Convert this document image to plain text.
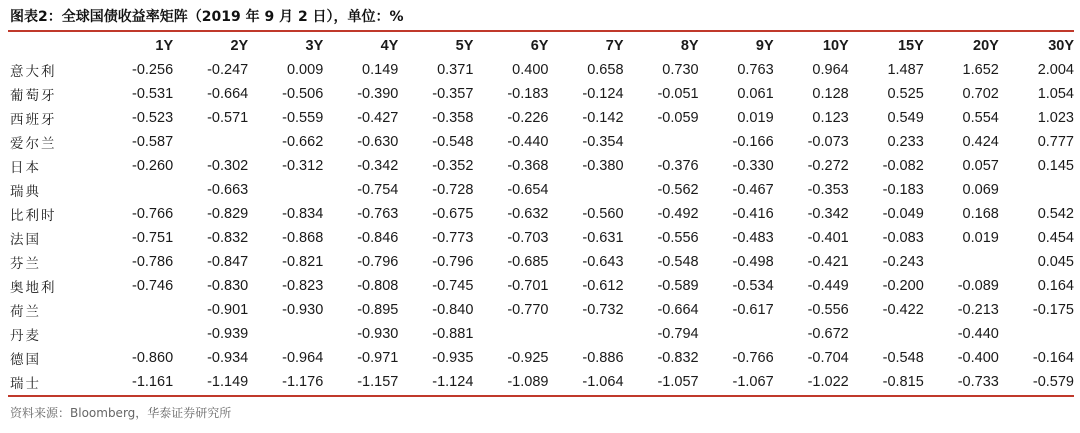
图表2：全球国债收益率矩阵（2019 年 9 月 2 日），单位：%
	1Y	2Y	3Y	4Y	5Y	6Y	7Y	8Y	9Y	10Y	15Y	20Y	30Y
意大利	-0.256	-0.247	0.009	0.149	0.371	0.400	0.658	0.730	0.763	0.964	1.487	1.652	2.004
葡萄牙	-0.531	-0.664	-0.506	-0.390	-0.357	-0.183	-0.124	-0.051	0.061	0.128	0.525	0.702	1.054
西班牙	-0.523	-0.571	-0.559	-0.427	-0.358	-0.226	-0.142	-0.059	0.019	0.123	0.549	0.554	1.023
爱尔兰	-0.587		-0.662	-0.630	-0.548	-0.440	-0.354		-0.166	-0.073	0.233	0.424	0.777
日本	-0.260	-0.302	-0.312	-0.342	-0.352	-0.368	-0.380	-0.376	-0.330	-0.272	-0.082	0.057	0.145
瑞典		-0.663		-0.754	-0.728	-0.654		-0.562	-0.467	-0.353	-0.183	0.069	
比利时	-0.766	-0.829	-0.834	-0.763	-0.675	-0.632	-0.560	-0.492	-0.416	-0.342	-0.049	0.168	0.542
法国	-0.751	-0.832	-0.868	-0.846	-0.773	-0.703	-0.631	-0.556	-0.483	-0.401	-0.083	0.019	0.454
芬兰	-0.786	-0.847	-0.821	-0.796	-0.796	-0.685	-0.643	-0.548	-0.498	-0.421	-0.243		0.045
奥地利	-0.746	-0.830	-0.823	-0.808	-0.745	-0.701	-0.612	-0.589	-0.534	-0.449	-0.200	-0.089	0.164
荷兰		-0.901	-0.930	-0.895	-0.840	-0.770	-0.732	-0.664	-0.617	-0.556	-0.422	-0.213	-0.175
丹麦		-0.939		-0.930	-0.881			-0.794		-0.672		-0.440	
德国	-0.860	-0.934	-0.964	-0.971	-0.935	-0.925	-0.886	-0.832	-0.766	-0.704	-0.548	-0.400	-0.164
瑞士	-1.161	-1.149	-1.176	-1.157	-1.124	-1.089	-1.064	-1.057	-1.067	-1.022	-0.815	-0.733	-0.579
资料来源：Bloomberg，华泰证券研究所
